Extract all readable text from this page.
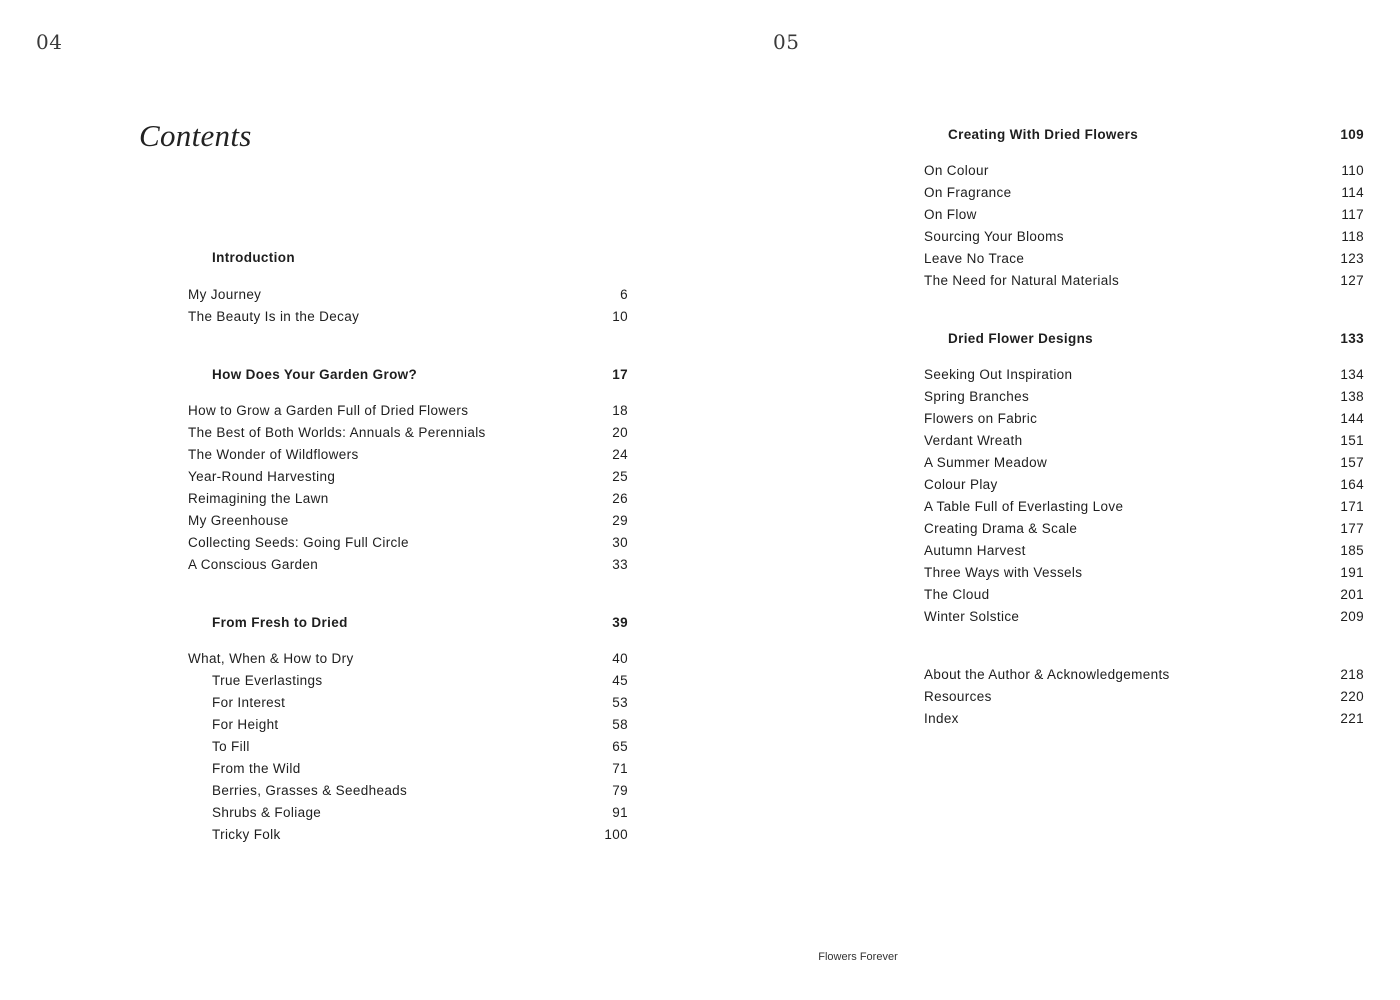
04	05
Contents
Introduction
My Journey	6
The Beauty Is in the Decay	10
How Does Your Garden Grow?	17
How to Grow a Garden Full of Dried Flowers	18
The Best of Both Worlds: Annuals & Perennials	20
The Wonder of Wildflowers	24
Year-Round Harvesting	25
Reimagining the Lawn	26
My Greenhouse	29
Collecting Seeds: Going Full Circle	30
A Conscious Garden	33
From Fresh to Dried	39
What, When & How to Dry	40
True Everlastings	45
For Interest	53
For Height	58
To Fill	65
From the Wild	71
Berries, Grasses & Seedheads	79
Shrubs & Foliage	91
Tricky Folk	100
Creating With Dried Flowers	109
On Colour	110
On Fragrance	114
On Flow	117
Sourcing Your Blooms	118
Leave No Trace	123
The Need for Natural Materials	127
Dried Flower Designs	133
Seeking Out Inspiration	134
Spring Branches	138
Flowers on Fabric	144
Verdant Wreath	151
A Summer Meadow	157
Colour Play	164
A Table Full of Everlasting Love	171
Creating Drama & Scale	177
Autumn Harvest	185
Three Ways with Vessels	191
The Cloud	201
Winter Solstice	209
About the Author & Acknowledgements	218
Resources	220
Index	221
Flowers Forever
